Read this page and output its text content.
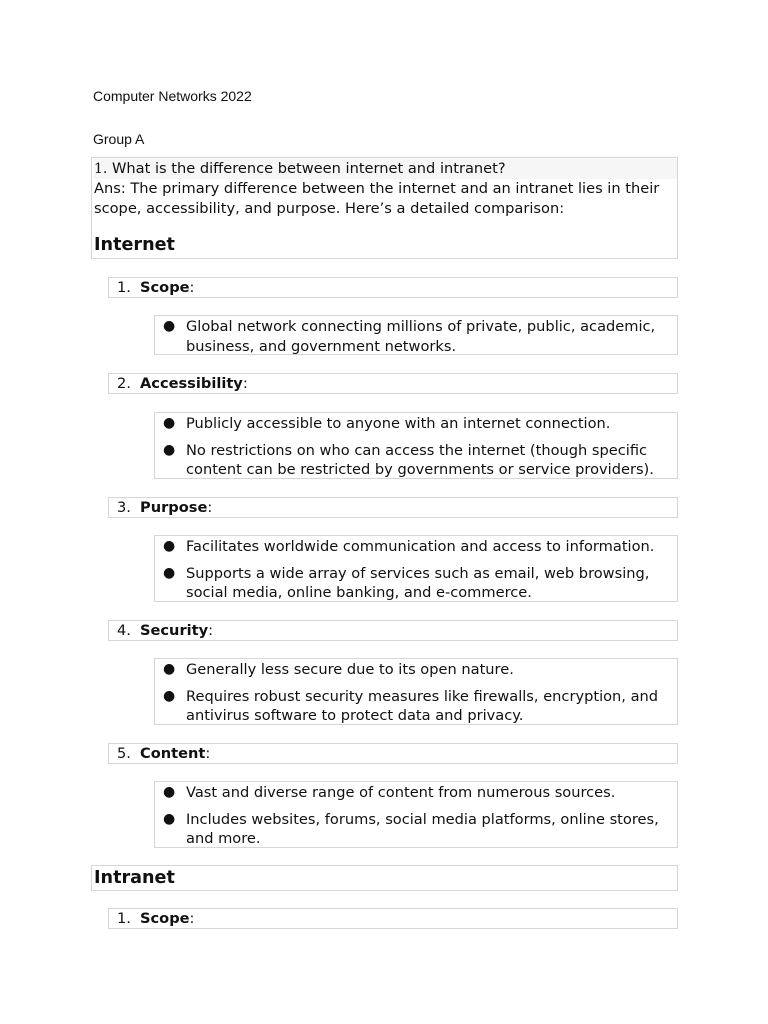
Computer Networks 2022
Group A

1. What is the difference between internet and intranet?

Ans: The primary difference between the internet and an intranet lies in their scope, accessibility, and purpose. Here’s a detailed comparison:

Internet
1. Scope:
● Global network connecting millions of private, public, academic, business, and government networks.
2. Accessibility:
● Publicly accessible to anyone with an internet connection.
● No restrictions on who can access the internet (though specific content can be restricted by governments or service providers).
3. Purpose:
● Facilitates worldwide communication and access to information.
● Supports a wide array of services such as email, web browsing, social media, online banking, and e-commerce.
4. Security:
● Generally less secure due to its open nature.
● Requires robust security measures like firewalls, encryption, and antivirus software to protect data and privacy.
5. Content:
● Vast and diverse range of content from numerous sources.
● Includes websites, forums, social media platforms, online stores, and more.
Intranet
1. Scope:
